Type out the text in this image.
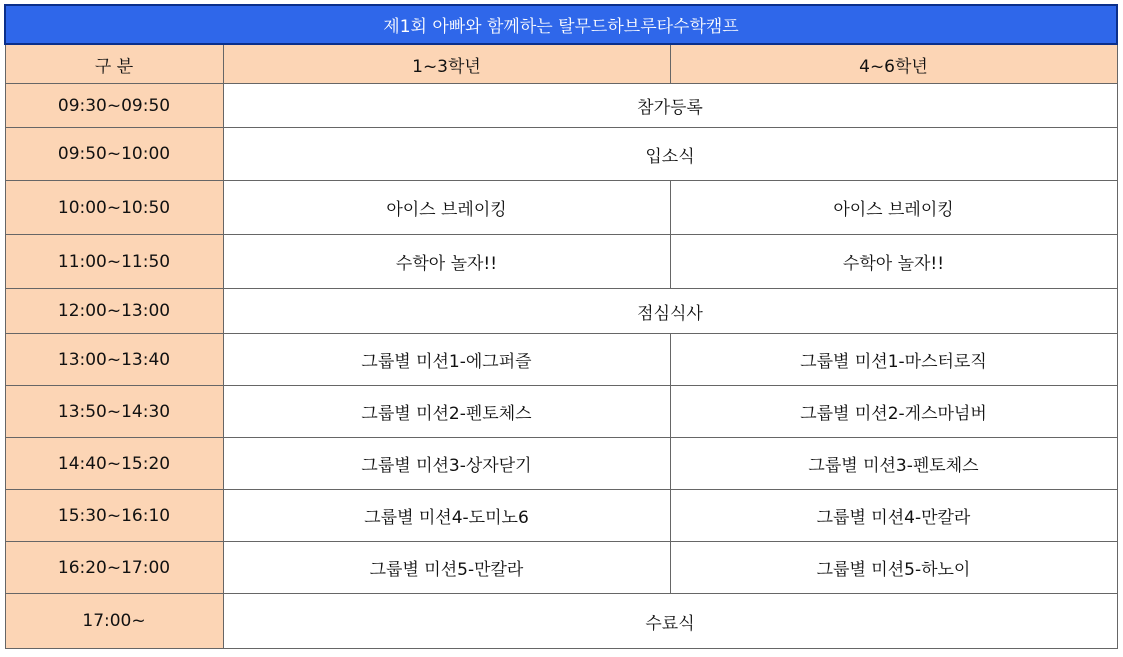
제1회 아빠와 함께하는 탈무드하브루타수학캠프		
구 분	1~3학년	4~6학년
09:30~09:50	참가등록	
09:50~10:00	입소식	
10:00~10:50	아이스 브레이킹	아이스 브레이킹
11:00~11:50	수학아 놀자!!	수학아 놀자!!
12:00~13:00	점심식사	
13:00~13:40	그룹별 미션1-에그퍼즐	그룹별 미션1-마스터로직
13:50~14:30	그룹별 미션2-펜토체스	그룹별 미션2-게스마넘버
14:40~15:20	그룹별 미션3-상자닫기	그룹별 미션3-펜토체스
15:30~16:10	그룹별 미션4-도미노6	그룹별 미션4-만칼라
16:20~17:00	그룹별 미션5-만칼라	그룹별 미션5-하노이
17:00~	수료식	
